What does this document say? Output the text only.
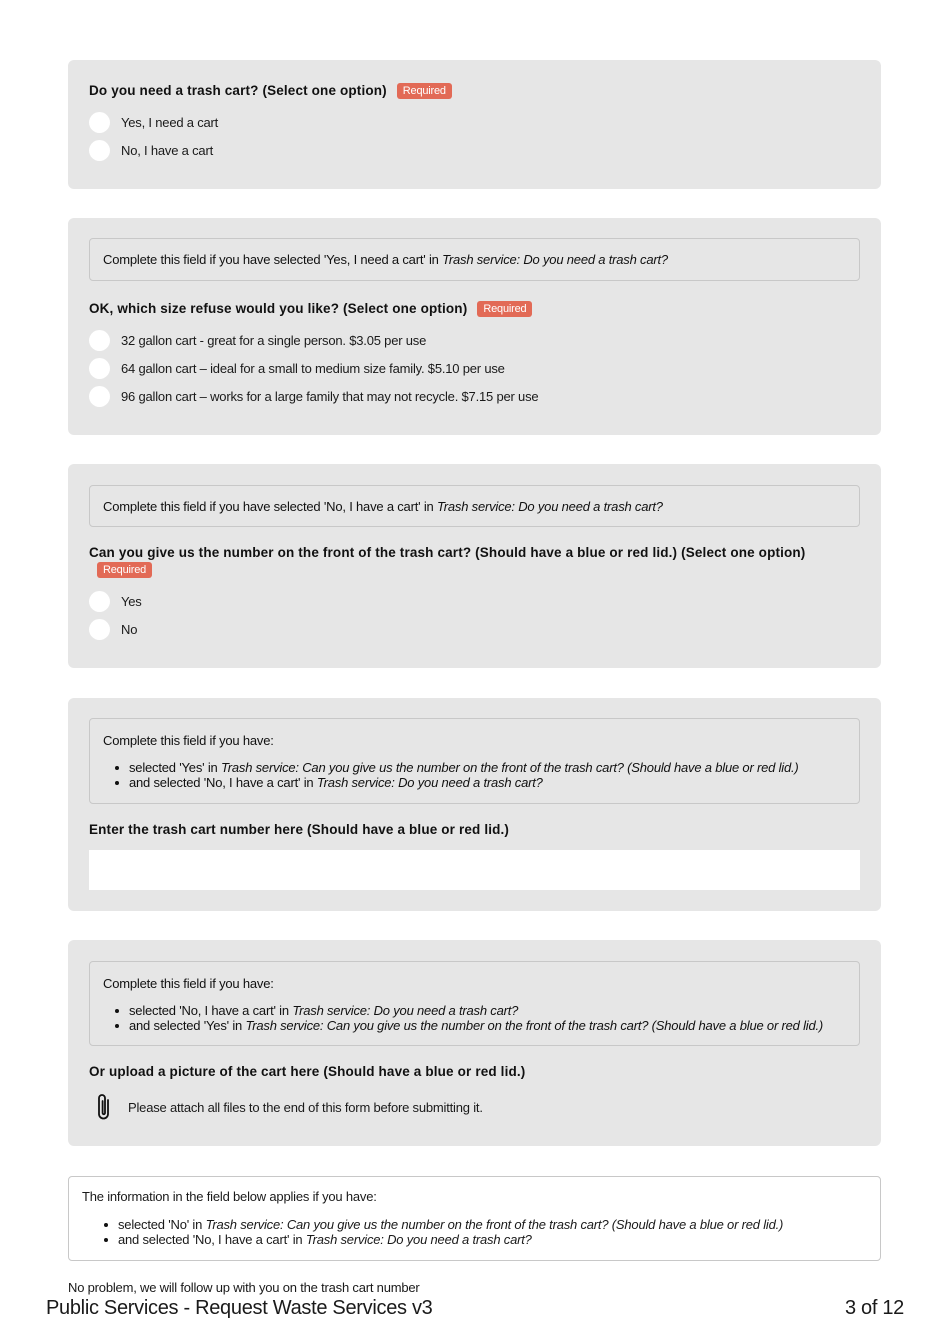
Do you need a trash cart? (Select one option) Required
Yes, I need a cart
No, I have a cart
Complete this field if you have selected 'Yes, I need a cart' in Trash service: Do you need a trash cart?
OK, which size refuse would you like? (Select one option) Required
32 gallon cart - great for a single person. $3.05 per use
64 gallon cart – ideal for a small to medium size family. $5.10 per use
96 gallon cart – works for a large family that may not recycle. $7.15 per use
Complete this field if you have selected 'No, I have a cart' in Trash service: Do you need a trash cart?
Can you give us the number on the front of the trash cart? (Should have a blue or red lid.) (Select one option)
Required
Yes
No
Complete this field if you have:
selected 'Yes' in Trash service: Can you give us the number on the front of the trash cart? (Should have a blue or red lid.)
and selected 'No, I have a cart' in Trash service: Do you need a trash cart?
Enter the trash cart number here (Should have a blue or red lid.)
Complete this field if you have:
selected 'No, I have a cart' in Trash service: Do you need a trash cart?
and selected 'Yes' in Trash service: Can you give us the number on the front of the trash cart? (Should have a blue or red lid.)
Or upload a picture of the cart here (Should have a blue or red lid.)
Please attach all files to the end of this form before submitting it.
The information in the field below applies if you have:
selected 'No' in Trash service: Can you give us the number on the front of the trash cart? (Should have a blue or red lid.)
and selected 'No, I have a cart' in Trash service: Do you need a trash cart?
No problem, we will follow up with you on the trash cart number
Public Services - Request Waste Services v3	3 of 12
